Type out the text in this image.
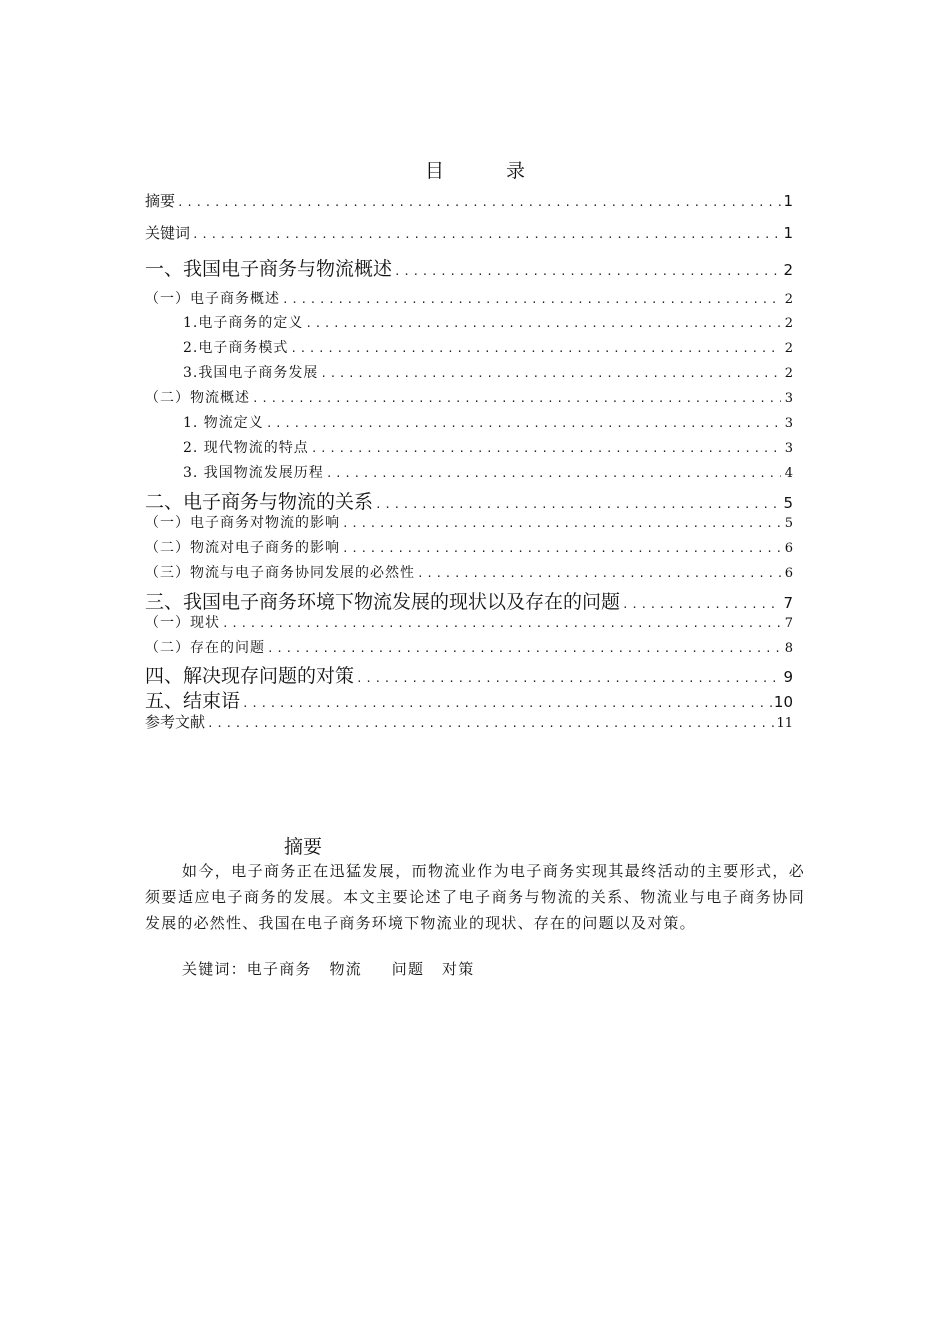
目	录
摘要 .....	1
关键词 .....	1
一、我国电子商务与物流概述 .....	2
（一）电子商务概述 .....	2
1.电子商务的定义 .....	2
2.电子商务模式 .....	2
3.我国电子商务发展 .....	2
（二）物流概述 .....	3
1. 物流定义 .....	3
2. 现代物流的特点 .....	3
3. 我国物流发展历程 .....	4
二、电子商务与物流的关系 .....	5
（一）电子商务对物流的影响 .....	5
（二）物流对电子商务的影响 .....	6
（三）物流与电子商务协同发展的必然性 .....	6
三、我国电子商务环境下物流发展的现状以及存在的问题 .....	7
（一）现状 .....	7
（二）存在的问题 .....	8
四、解决现存问题的对策 .....	9
五、结束语 .....	10
参考文献 .....	11
摘要
如今，电子商务正在迅猛发展，而物流业作为电子商务实现其最终活动的主要形式，必须要适应电子商务的发展。本文主要论述了电子商务与物流的关系、物流业与电子商务协同发展的必然性、我国在电子商务环境下物流业的现状、存在的问题以及对策。
关键词：电子商务   物流     问题   对策
